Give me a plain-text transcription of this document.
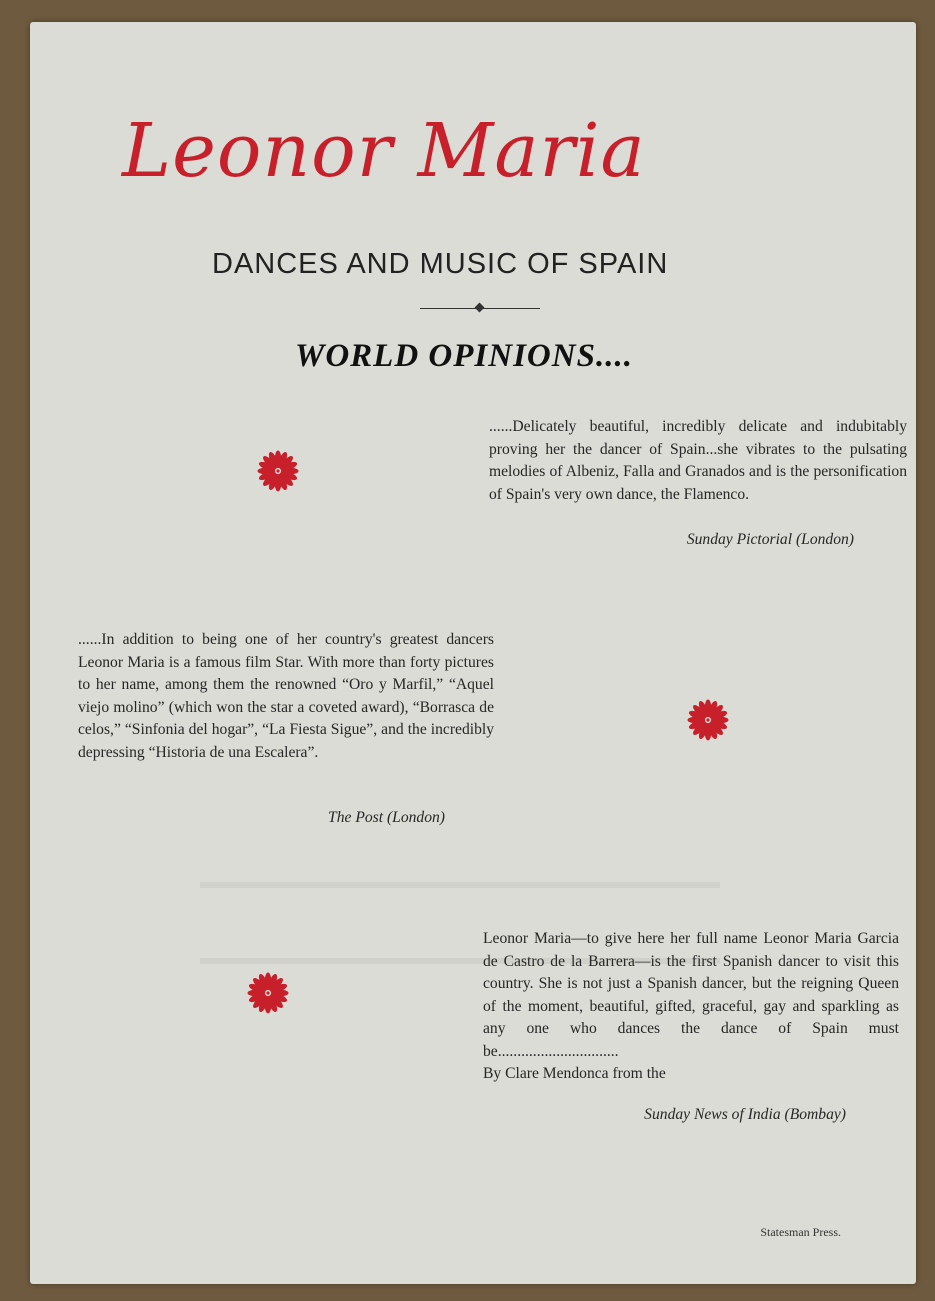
Leonor Maria
DANCES AND MUSIC OF SPAIN
WORLD OPINIONS....

......Delicately beautiful, incredibly delicate and indubitably proving her the dancer of Spain...she vibrates to the pulsating melodies of Albeniz, Falla and Granados and is the personification of Spain's very own dance, the Flamenco.

Sunday Pictorial (London)

......In addition to being one of her country's greatest dancers Leonor Maria is a famous film Star. With more than forty pictures to her name, among them the renowned “Oro y Marfil,” “Aquel viejo molino” (which won the star a coveted award), “Borrasca de celos,” “Sinfonia del hogar”, “La Fiesta Sigue”, and the incredibly depressing “Historia de una Escalera”.

The Post (London)
Leonor Maria—to give here her full name Leonor Maria Garcia de Castro de la Barrera—is the first Spanish dancer to visit this country. She is not just a Spanish dancer, but the reigning Queen of the moment, beautiful, gifted, graceful, gay and sparkling as any one who dances the dance of Spain must be...............................
By Clare Mendonca from the
Sunday News of India (Bombay)
Statesman Press.
